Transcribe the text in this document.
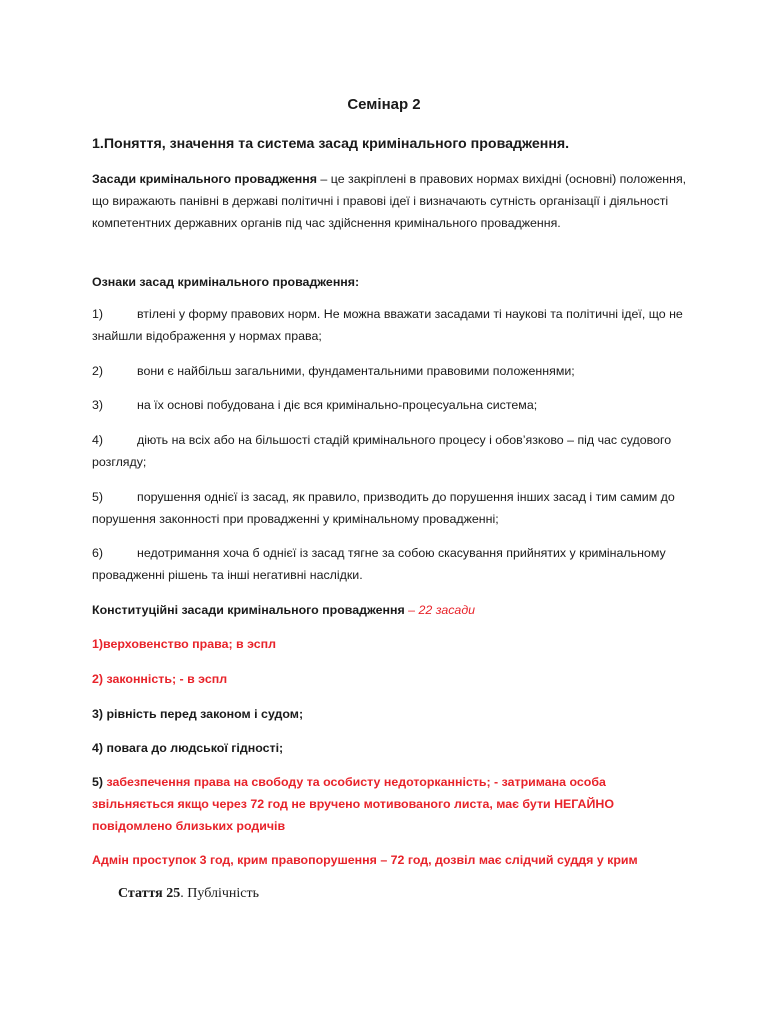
Семінар 2
1.Поняття, значення та система засад кримінального провадження.
Засади кримінального провадження – це закріплені в правових нормах вихідні (основні) положення, що виражають панівні в державі політичні і правові ідеї і визначають сутність організації і діяльності компетентних державних органів під час здійснення кримінального провадження.
Ознаки засад кримінального провадження:
1)	втілені у форму правових норм. Не можна вважати засадами ті наукові та політичні ідеї, що не знайшли відображення у нормах права;
2)	вони є найбільш загальними, фундаментальними правовими положеннями;
3)	на їх основі побудована і діє вся кримінально-процесуальна система;
4)	діють на всіх або на більшості стадій кримінального процесу і обов’язково – під час судового розгляду;
5)	порушення однієї із засад, як правило, призводить до порушення інших засад і тим самим до порушення законності при провадженні у кримінальному провадженні;
6)	недотримання хоча б однієї із засад тягне за собою скасування прийнятих у кримінальному провадженні рішень та інші негативні наслідки.
Конституційні засади кримінального провадження – 22 засади
1)верховенство права; в эспл
2) законність; - в эспл
3) рівність перед законом і судом;
4) повага до людської гідності;
5) забезпечення права на свободу та особисту недоторканність; - затримана особа звільняється якщо через 72 год не вручено мотивованого листа, має бути НЕГАЙНО повідомлено близьких родичів
Адмін проступок 3 год, крим правопорушення – 72 год, дозвіл має слідчий суддя у крим
Стаття 25. Публічність
